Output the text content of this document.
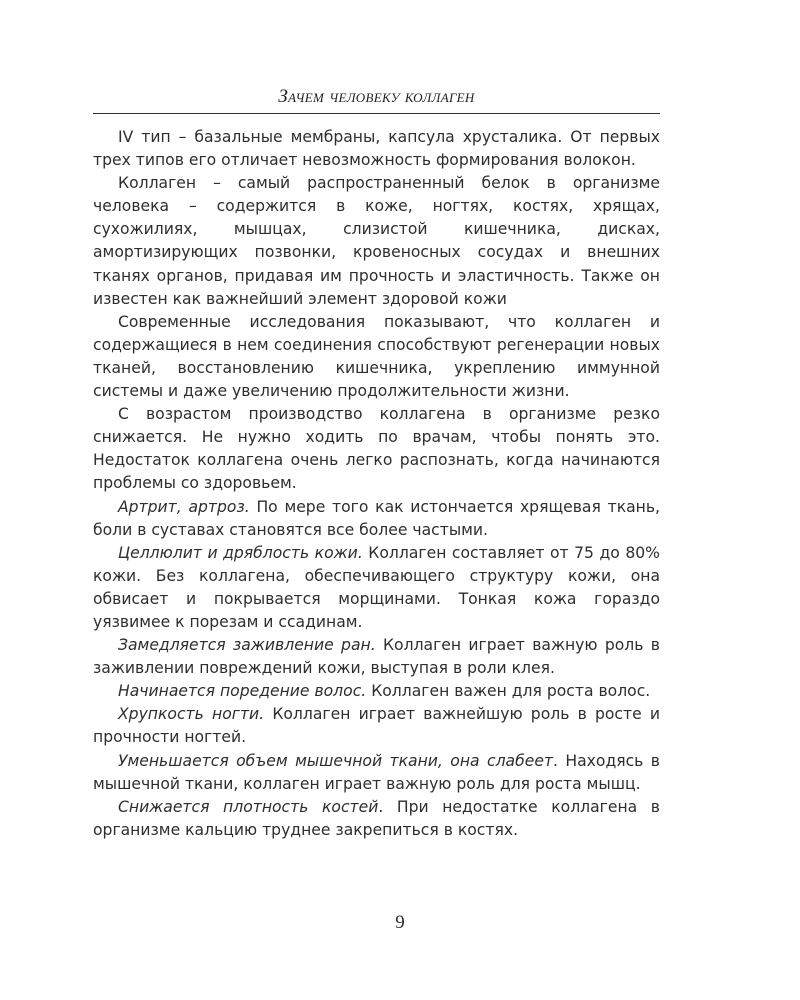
Зачем человеку коллаген

IV тип – базальные мембраны, капсула хрусталика. От первых трех типов его отличает невозможность формирования волокон.

Коллаген – самый распространенный белок в организме человека – содержится в коже, ногтях, костях, хрящах, сухожилиях, мышцах, слизистой кишечника, дисках, амортизирующих позвонки, кровеносных сосудах и внешних тканях органов, придавая им прочность и эластичность. Также он известен как важнейший элемент здоровой кожи

Современные исследования показывают, что коллаген и содержащиеся в нем соединения способствуют регенерации новых тканей, восстановлению кишечника, укреплению иммунной системы и даже увеличению продолжительности жизни.

С возрастом производство коллагена в организме резко снижается. Не нужно ходить по врачам, чтобы понять это. Недостаток коллагена очень легко распознать, когда начинаются проблемы со здоровьем.

Артрит, артроз. По мере того как истончается хрящевая ткань, боли в суставах становятся все более частыми.

Целлюлит и дряблость кожи. Коллаген составляет от 75 до 80% кожи. Без коллагена, обеспечивающего структуру кожи, она обвисает и покрывается морщинами. Тонкая кожа гораздо уязвимее к порезам и ссадинам.

Замедляется заживление ран. Коллаген играет важную роль в заживлении повреждений кожи, выступая в роли клея.

Начинается поредение волос. Коллаген важен для роста волос.

Хрупкость ногти. Коллаген играет важнейшую роль в росте и прочности ногтей.

Уменьшается объем мышечной ткани, она слабеет. Находясь в мышечной ткани, коллаген играет важную роль для роста мышц.

Снижается плотность костей. При недостатке коллагена в организме кальцию труднее закрепиться в костях.

9
